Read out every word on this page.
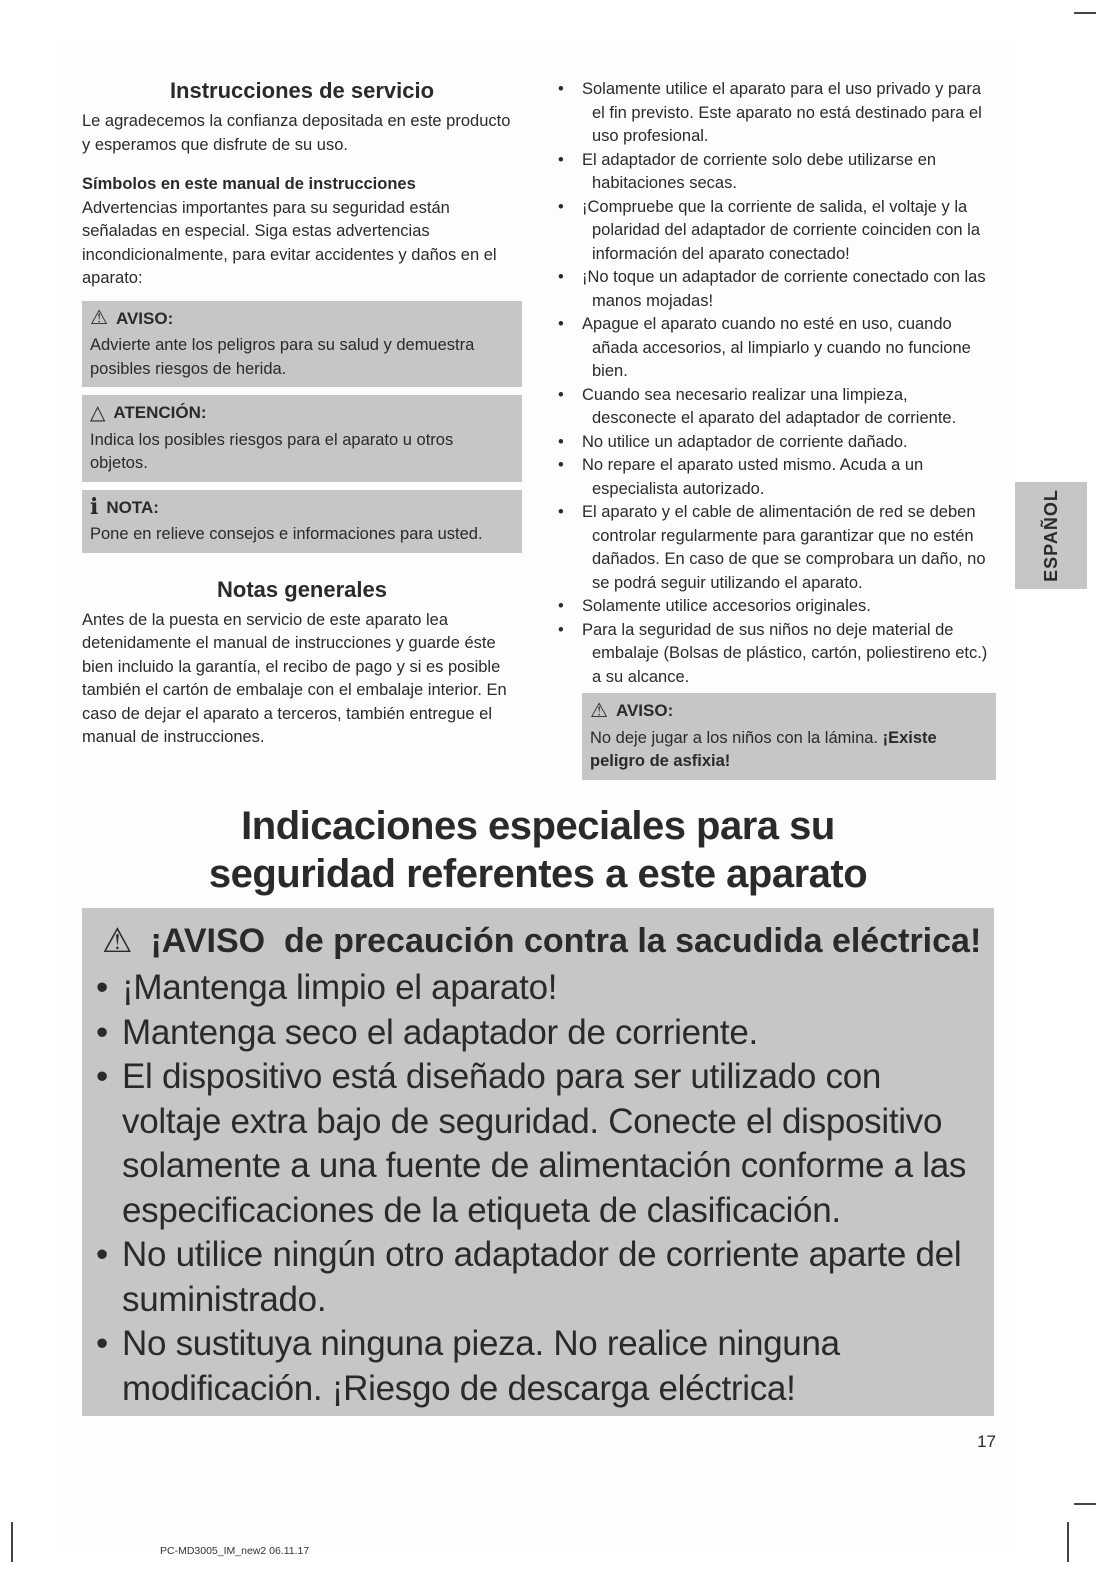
Instrucciones de servicio

Le agradecemos la confianza depositada en este producto y esperamos que disfrute de su uso.

Símbolos en este manual de instrucciones

Advertencias importantes para su seguridad están señaladas en especial. Siga estas advertencias incondicionalmente, para evitar accidentes y daños en el aparato:

⚠ AVISO:

Advierte ante los peligros para su salud y demuestra posibles riesgos de herida.

△ ATENCIÓN:

Indica los posibles riesgos para el aparato u otros objetos.

i NOTA:

Pone en relieve consejos e informaciones para usted.

Notas generales

Antes de la puesta en servicio de este aparato lea detenidamente el manual de instrucciones y guarde éste bien incluido la garantía, el recibo de pago y si es posible también el cartón de embalaje con el embalaje interior. En caso de dejar el aparato a terceros, también entregue el manual de instrucciones.

• Solamente utilice el aparato para el uso privado y para el fin previsto. Este aparato no está destinado para el uso profesional.
• El adaptador de corriente solo debe utilizarse en habitaciones secas.
• ¡Compruebe que la corriente de salida, el voltaje y la polaridad del adaptador de corriente coinciden con la información del aparato conectado!
• ¡No toque un adaptador de corriente conectado con las manos mojadas!
• Apague el aparato cuando no esté en uso, cuando añada accesorios, al limpiarlo y cuando no funcione bien.
• Cuando sea necesario realizar una limpieza, desconecte el aparato del adaptador de corriente.
• No utilice un adaptador de corriente dañado.
• No repare el aparato usted mismo. Acuda a un especialista autorizado.
• El aparato y el cable de alimentación de red se deben controlar regularmente para garantizar que no estén dañados. En caso de que se comprobara un daño, no se podrá seguir utilizando el aparato.
• Solamente utilice accesorios originales.
• Para la seguridad de sus niños no deje material de embalaje (Bolsas de plástico, cartón, poliestireno etc.) a su alcance.
⚠ AVISO:

No deje jugar a los niños con la lámina. ¡Existe peligro de asfixia!

ESPAÑOL
Indicaciones especiales para su
seguridad referentes a este aparato
⚠ ¡AVISO de precaución contra la sacudida eléctrica!
• ¡Mantenga limpio el aparato!
• Mantenga seco el adaptador de corriente.
• El dispositivo está diseñado para ser utilizado con voltaje extra bajo de seguridad. Conecte el dispositivo solamente a una fuente de alimentación conforme a las especificaciones de la etiqueta de clasificación.
• No utilice ningún otro adaptador de corriente aparte del suministrado.
• No sustituya ninguna pieza. No realice ninguna modificación. ¡Riesgo de descarga eléctrica!
17
PC-MD3005_IM_new2 06.11.17
